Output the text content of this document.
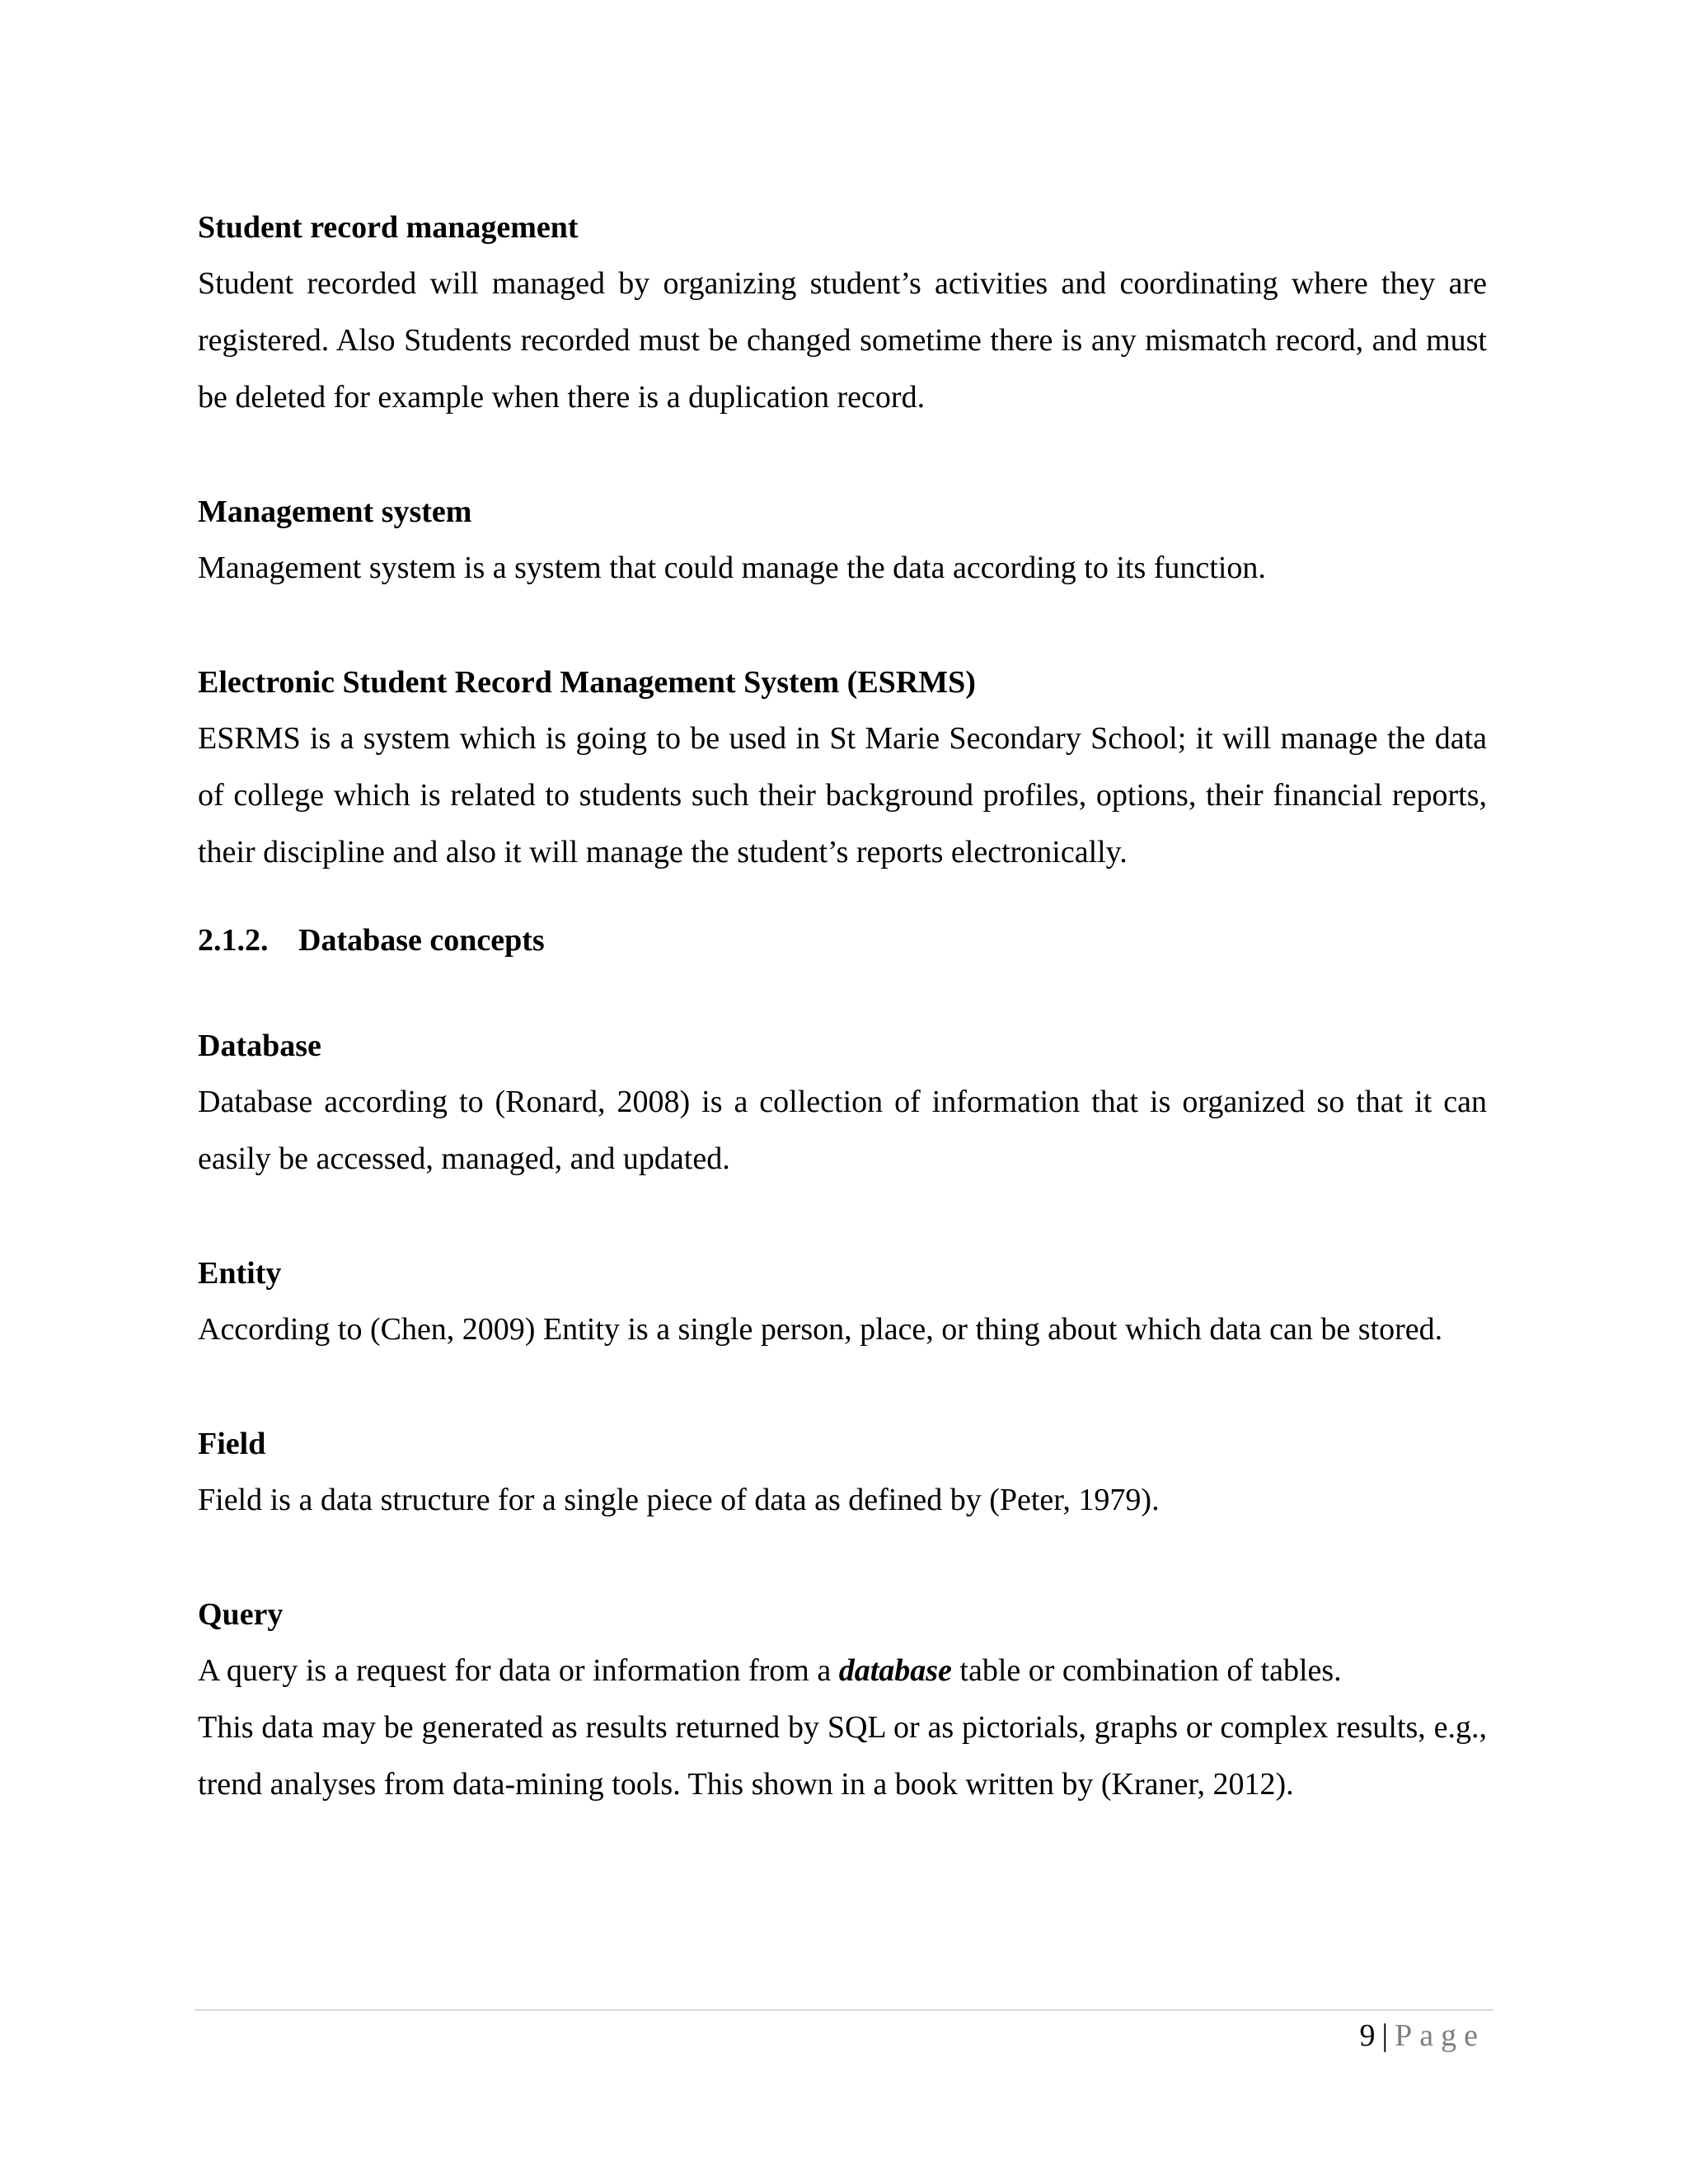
Student record management

Student recorded will managed by organizing student’s activities and coordinating where they are registered. Also Students recorded must be changed sometime there is any mismatch record, and must be deleted for example when there is a duplication record.

Management system

Management system is a system that could manage the data according to its function.

Electronic Student Record Management System (ESRMS)

ESRMS is a system which is going to be used in St Marie Secondary School; it will manage the data of college which is related to students such their background profiles, options, their financial reports, their discipline and also it will manage the student’s reports electronically.

2.1.2. Database concepts

Database

Database according to (Ronard, 2008) is a collection of information that is organized so that it can easily be accessed, managed, and updated.

Entity

According to (Chen, 2009) Entity is a single person, place, or thing about which data can be stored.

Field

Field is a data structure for a single piece of data as defined by (Peter, 1979).

Query

A query is a request for data or information from a database table or combination of tables.

This data may be generated as results returned by SQL or as pictorials, graphs or complex results, e.g., trend analyses from data-mining tools. This shown in a book written by (Kraner, 2012).

9 | Page
